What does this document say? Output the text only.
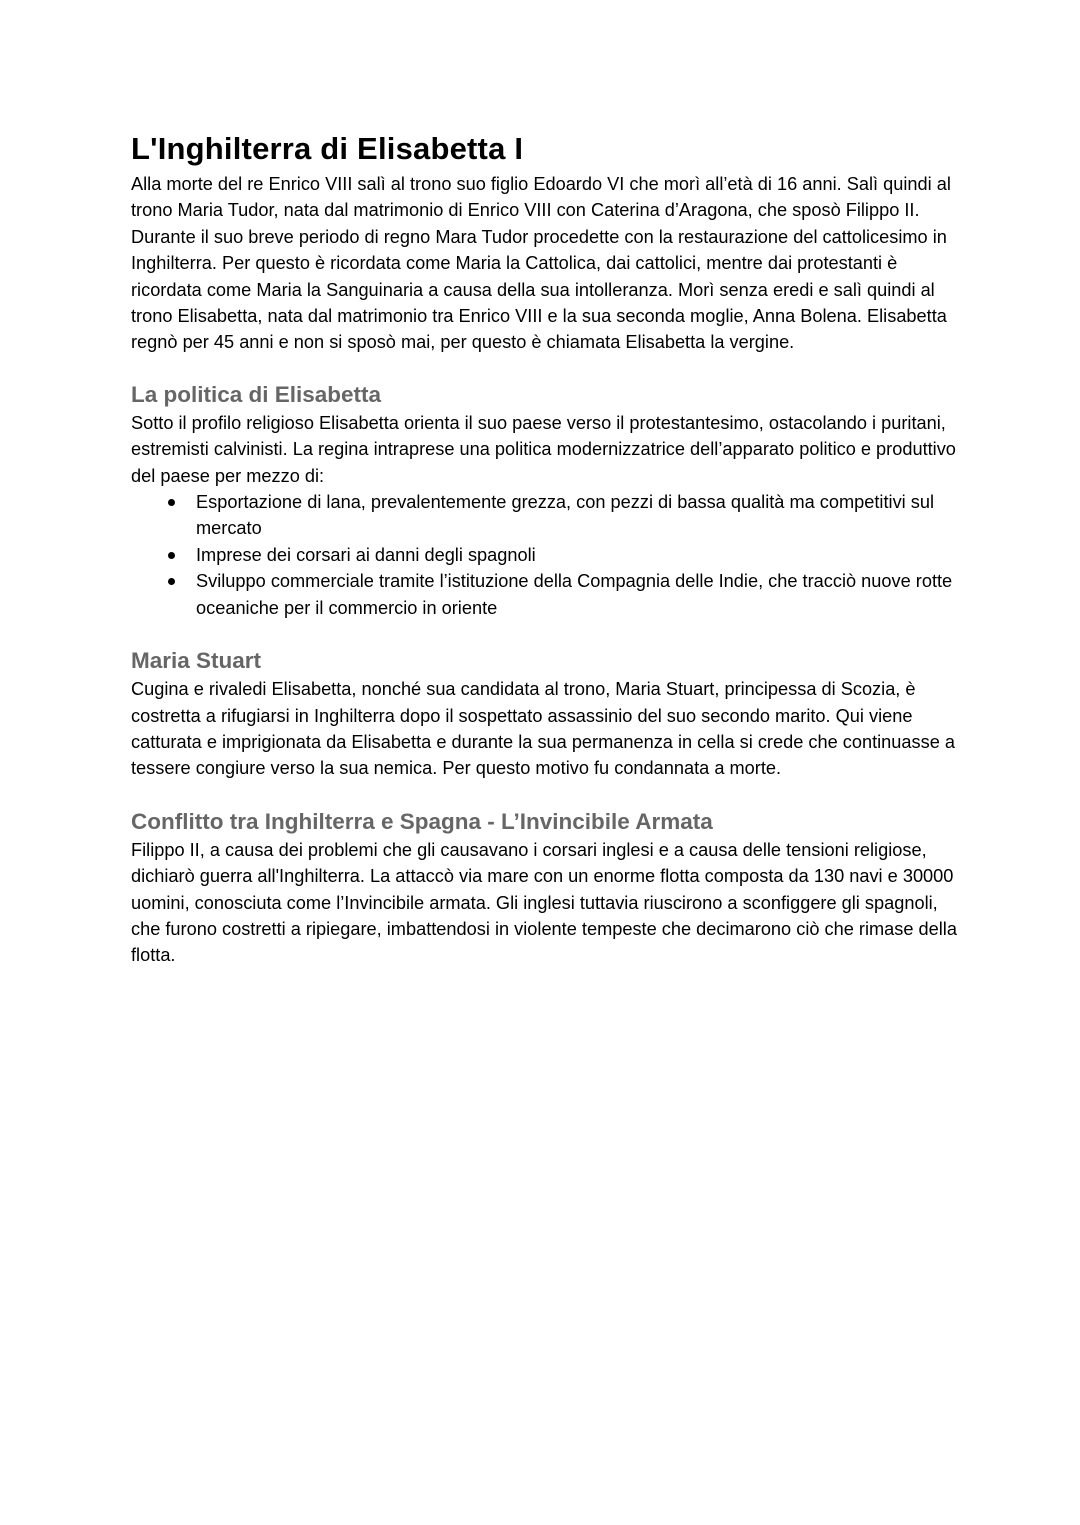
L'Inghilterra di Elisabetta I

Alla morte del re Enrico VIII salì al trono suo figlio Edoardo VI che morì all’età di 16 anni. Salì quindi al trono Maria Tudor, nata dal matrimonio di Enrico VIII con Caterina d’Aragona, che sposò Filippo II. Durante il suo breve periodo di regno Mara Tudor procedette con la restaurazione del cattolicesimo in Inghilterra. Per questo è ricordata come Maria la Cattolica, dai cattolici, mentre dai protestanti è ricordata come Maria la Sanguinaria a causa della sua intolleranza. Morì senza eredi e salì quindi al trono Elisabetta, nata dal matrimonio tra Enrico VIII e la sua seconda moglie, Anna Bolena. Elisabetta regnò per 45 anni e non si sposò mai, per questo è chiamata Elisabetta la vergine.

La politica di Elisabetta

Sotto il profilo religioso Elisabetta orienta il suo paese verso il protestantesimo, ostacolando i puritani, estremisti calvinisti. La regina intraprese una politica modernizzatrice dell’apparato politico e produttivo del paese per mezzo di:

Esportazione di lana, prevalentemente grezza, con pezzi di bassa qualità ma competitivi sul mercato
Imprese dei corsari ai danni degli spagnoli
Sviluppo commerciale tramite l’istituzione della Compagnia delle Indie, che tracciò nuove rotte oceaniche per il commercio in oriente
Maria Stuart

Cugina e rivaledi Elisabetta, nonché sua candidata al trono, Maria Stuart, principessa di Scozia, è costretta a rifugiarsi in Inghilterra dopo il sospettato assassinio del suo secondo marito. Qui viene catturata e imprigionata da Elisabetta e durante la sua permanenza in cella si crede che continuasse a tessere congiure verso la sua nemica. Per questo motivo fu condannata a morte.

Conflitto tra Inghilterra e Spagna - L’Invincibile Armata

Filippo II, a causa dei problemi che gli causavano i corsari inglesi e a causa delle tensioni religiose, dichiarò guerra all'Inghilterra. La attaccò via mare con un enorme flotta composta da 130 navi e 30000 uomini, conosciuta come l’Invincibile armata. Gli inglesi tuttavia riuscirono a sconfiggere gli spagnoli, che furono costretti a ripiegare, imbattendosi in violente tempeste che decimarono ciò che rimase della flotta.
